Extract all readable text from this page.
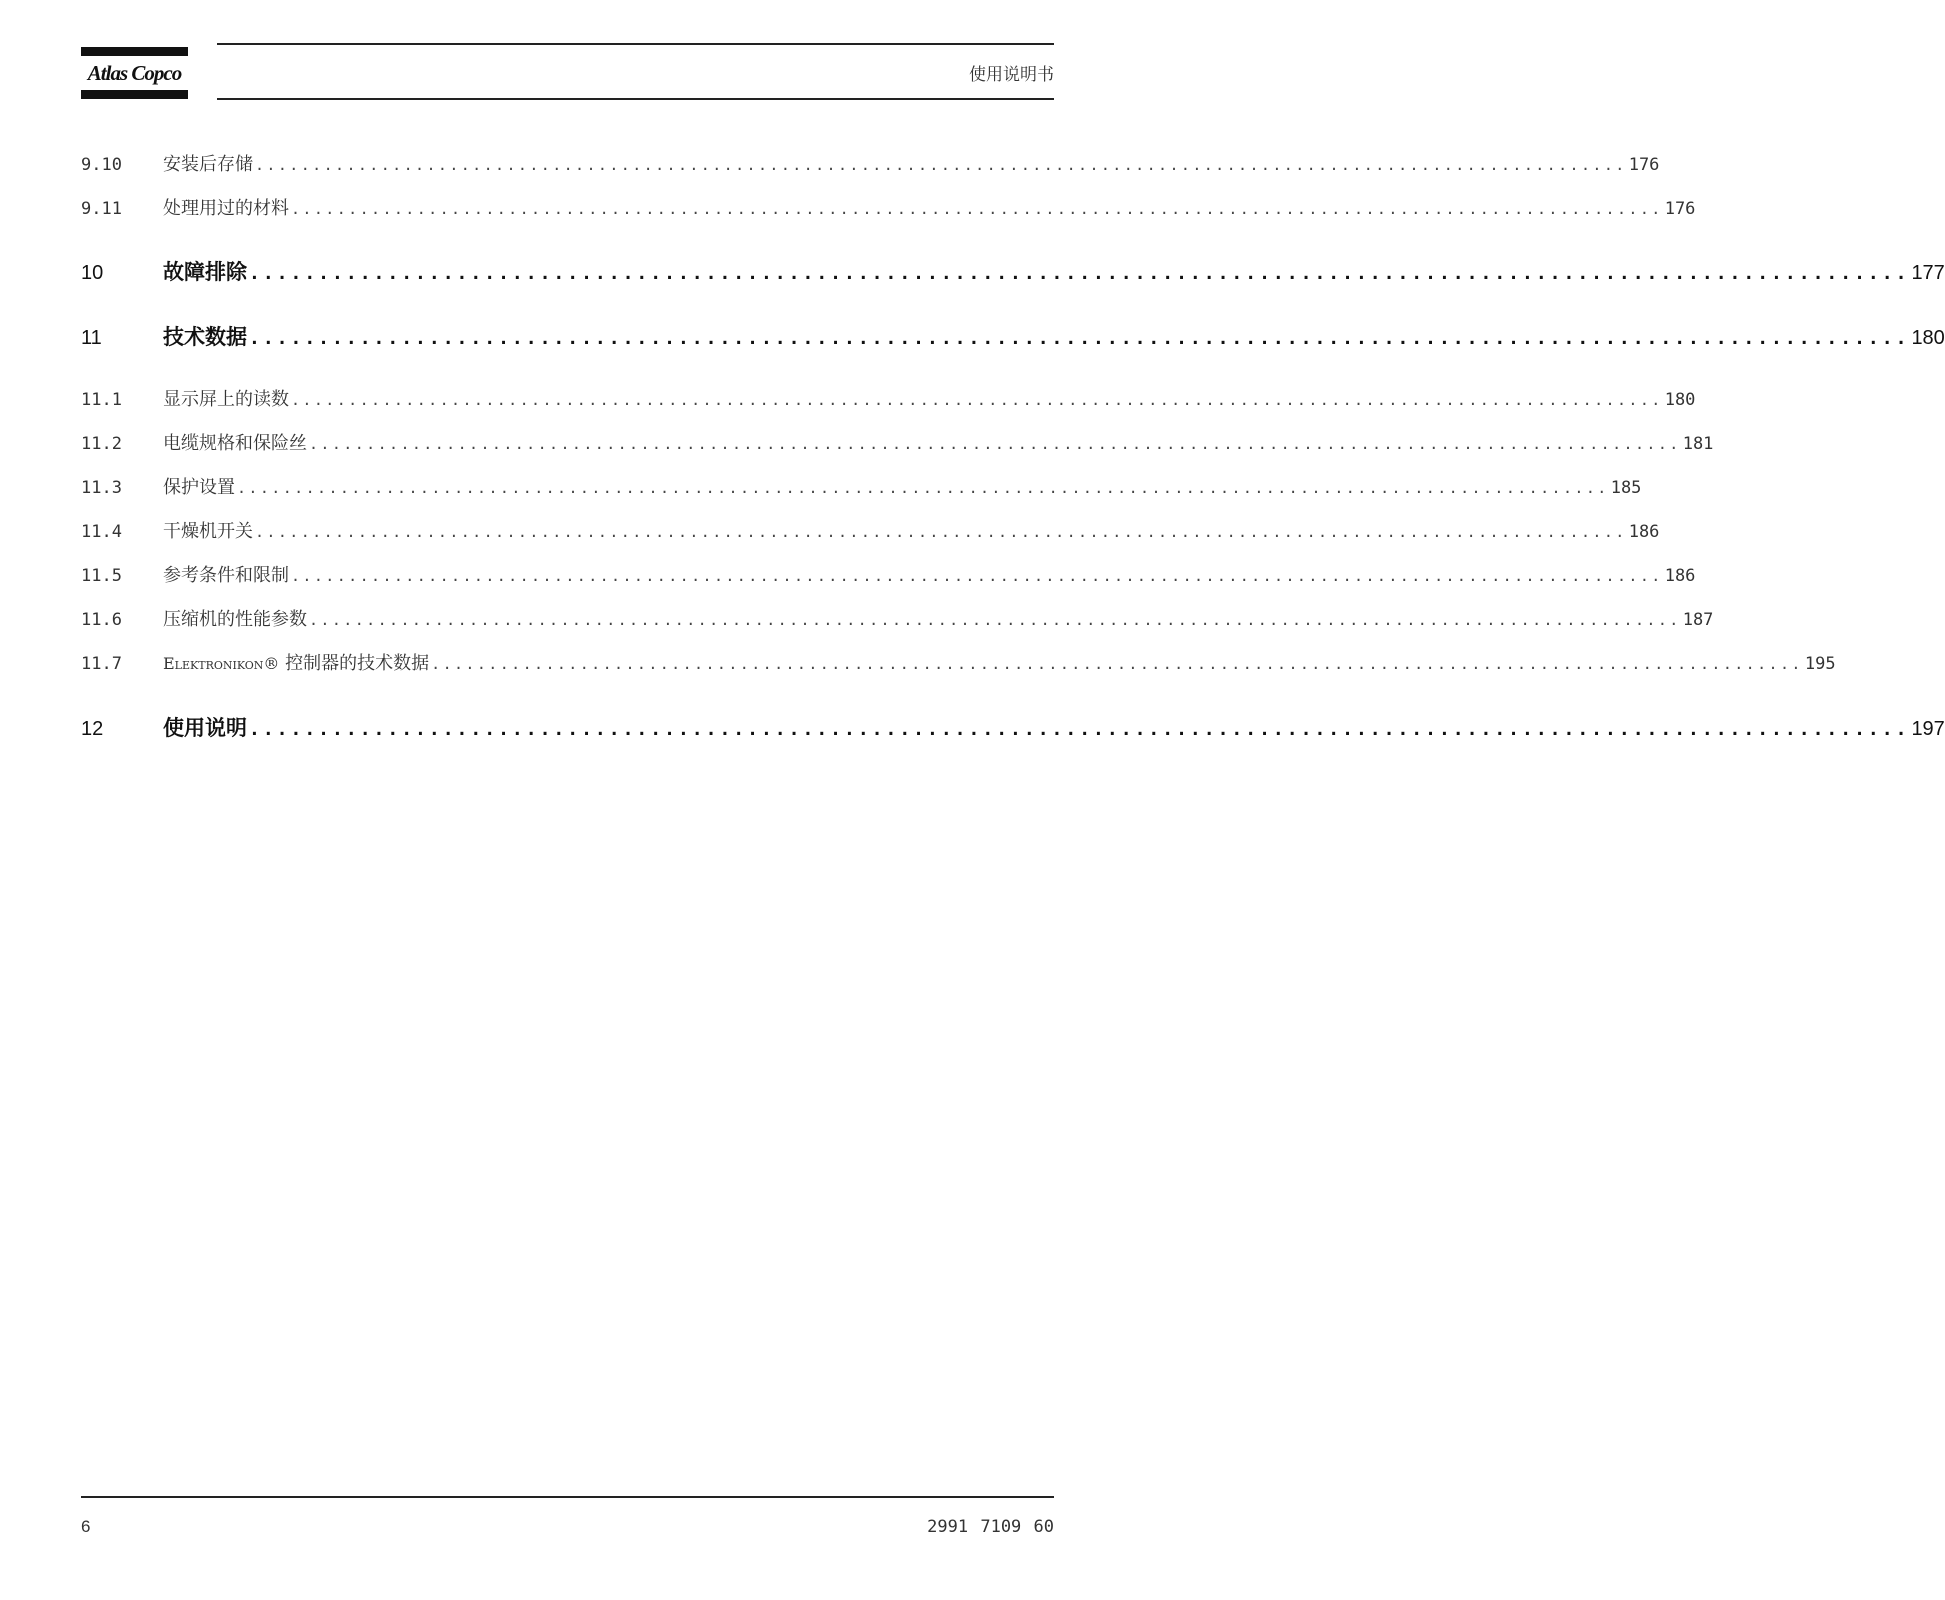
Atlas Copco	使用说明书
9.10	安装后存储 ........................................................................................................................ 176
9.11	处理用过的材料 ........................................................................................................................ 176
10	故障排除 ........................................................................................................................ 177
11	技术数据 ........................................................................................................................ 180
11.1	显示屏上的读数 ........................................................................................................................ 180
11.2	电缆规格和保险丝 ........................................................................................................................ 181
11.3	保护设置 ........................................................................................................................ 185
11.4	干燥机开关 ........................................................................................................................ 186
11.5	参考条件和限制 ........................................................................................................................ 186
11.6	压缩机的性能参数 ........................................................................................................................ 187
11.7	Elektronikon® 控制器的技术数据 ........................................................................................................................ 195
12	使用说明 ........................................................................................................................ 197
6	2991 7109 60
